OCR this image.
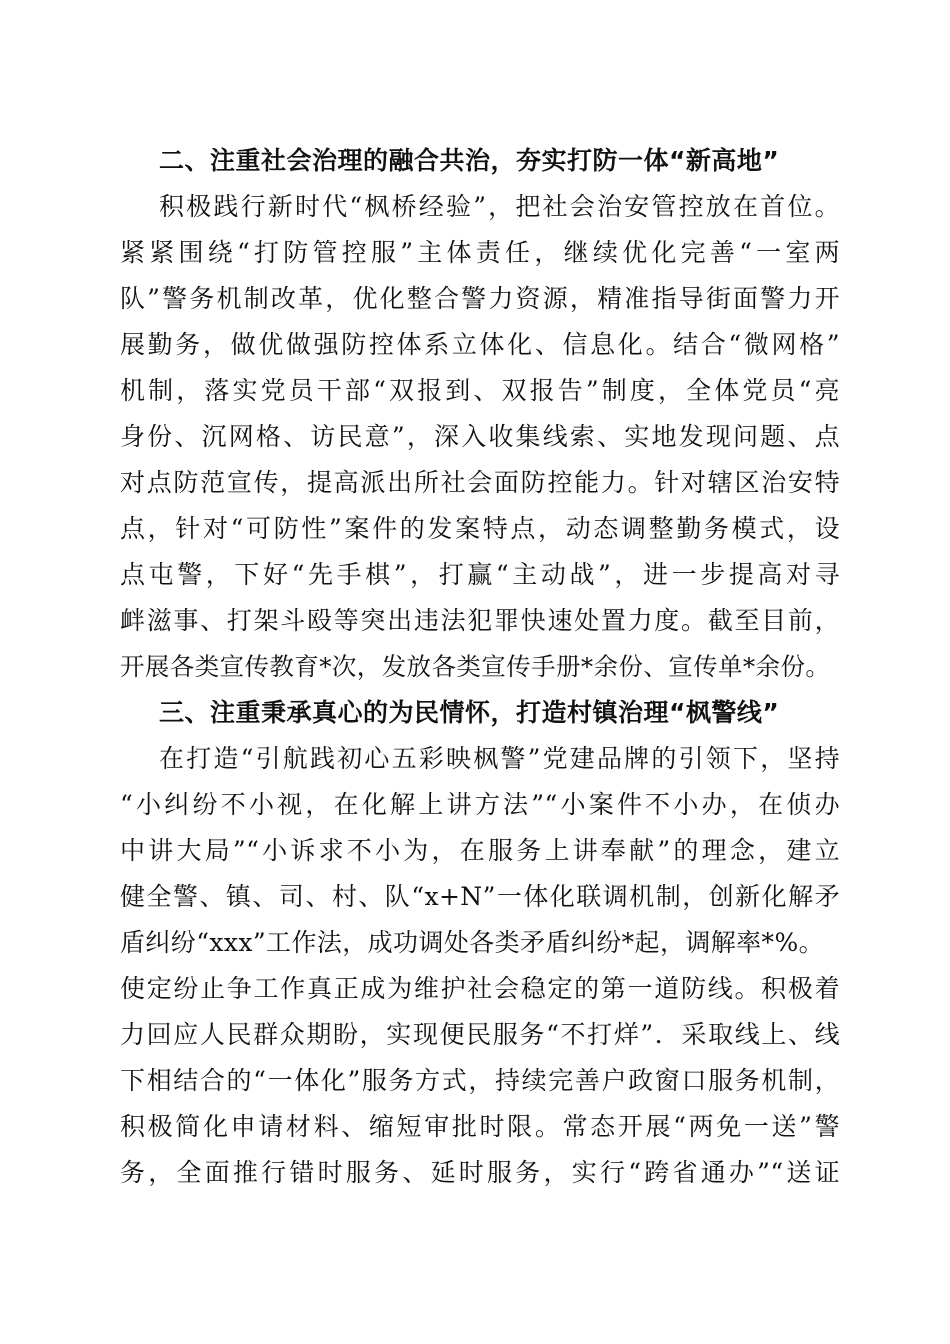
二、注重社会治理的融合共治，夯实打防一体“新高地”
积极践行新时代“枫桥经验”，把社会治安管控放在首位。
紧紧围绕“打防管控服”主体责任，继续优化完善“一室两
队”警务机制改革，优化整合警力资源，精准指导街面警力开
展勤务，做优做强防控体系立体化、信息化。结合“微网格”
机制，落实党员干部“双报到、双报告”制度，全体党员“亮
身份、沉网格、访民意”，深入收集线索、实地发现问题、点
对点防范宣传，提高派出所社会面防控能力。针对辖区治安特
点，针对“可防性”案件的发案特点，动态调整勤务模式，设
点屯警，下好“先手棋”，打赢“主动战”，进一步提高对寻
衅滋事、打架斗殴等突出违法犯罪快速处置力度。截至目前，
开展各类宣传教育*次，发放各类宣传手册*余份、宣传单*余份。
三、注重秉承真心的为民情怀，打造村镇治理“枫警线”
在打造“引航践初心五彩映枫警”党建品牌的引领下，坚持
“小纠纷不小视，在化解上讲方法”“小案件不小办，在侦办
中讲大局”“小诉求不小为，在服务上讲奉献”的理念，建立
健全警、镇、司、村、队“x+N”一体化联调机制，创新化解矛
盾纠纷“xxx”工作法，成功调处各类矛盾纠纷*起，调解率*%。
使定纷止争工作真正成为维护社会稳定的第一道防线。积极着
力回应人民群众期盼，实现便民服务“不打烊”．采取线上、线
下相结合的“一体化”服务方式，持续完善户政窗口服务机制，
积极简化申请材料、缩短审批时限。常态开展“两免一送”警
务，全面推行错时服务、延时服务，实行“跨省通办”“送证
